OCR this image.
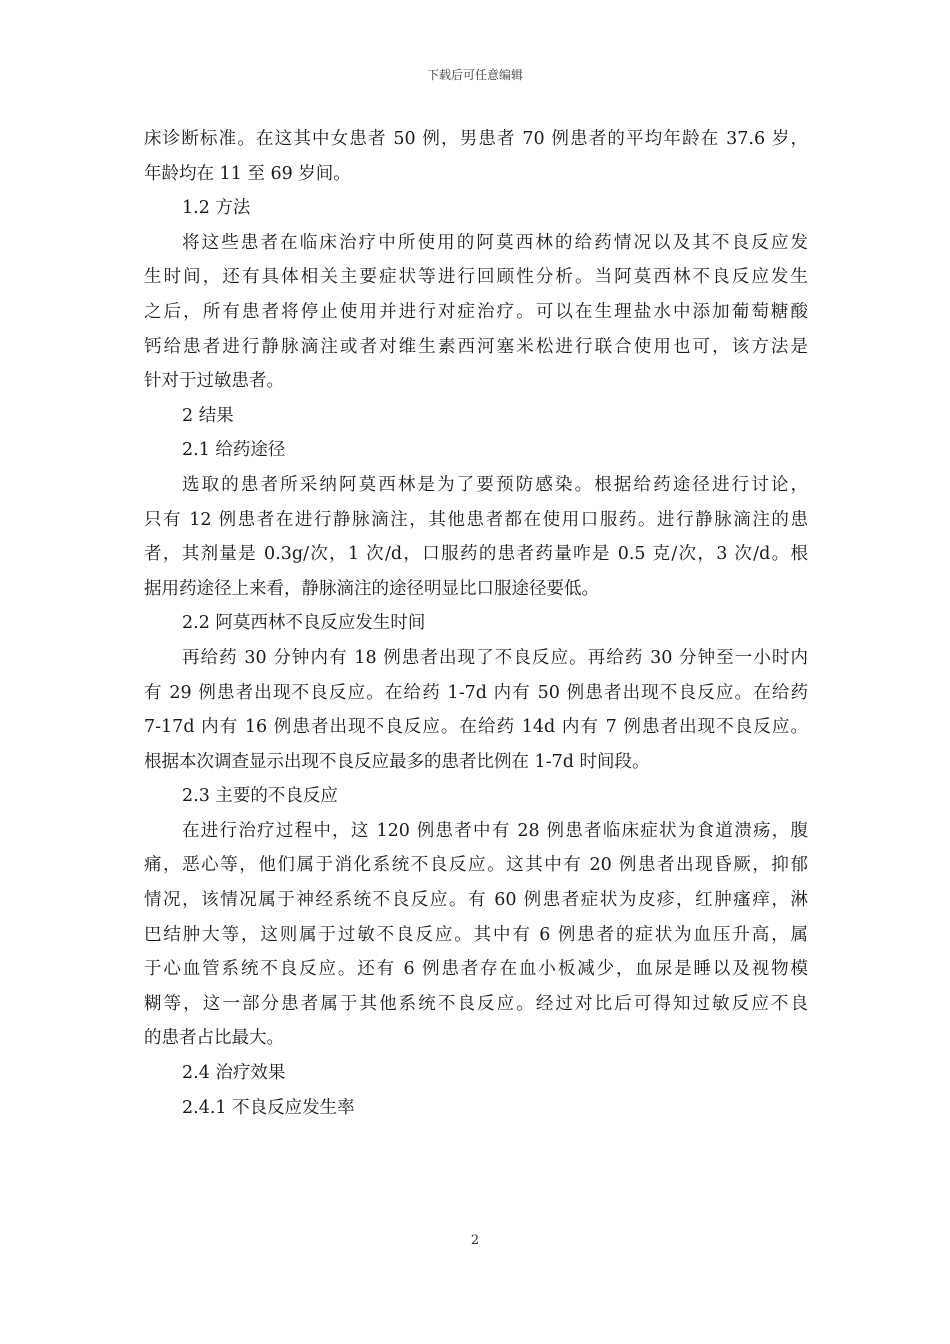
下载后可任意编辑
床诊断标准。在这其中女患者 50 例，男患者 70 例患者的平均年龄在 37.6 岁，
年龄均在 11 至 69 岁间。
1.2 方法
将这些患者在临床治疗中所使用的阿莫西林的给药情况以及其不良反应发
生时间，还有具体相关主要症状等进行回顾性分析。当阿莫西林不良反应发生
之后，所有患者将停止使用并进行对症治疗。可以在生理盐水中添加葡萄糖酸
钙给患者进行静脉滴注或者对维生素西河塞米松进行联合使用也可，该方法是
针对于过敏患者。
2 结果
2.1 给药途径
选取的患者所采纳阿莫西林是为了要预防感染。根据给药途径进行讨论，
只有 12 例患者在进行静脉滴注，其他患者都在使用口服药。进行静脉滴注的患
者，其剂量是 0.3g/次，1 次/d，口服药的患者药量咋是 0.5 克/次，3 次/d。根
据用药途径上来看，静脉滴注的途径明显比口服途径要低。
2.2 阿莫西林不良反应发生时间
再给药 30 分钟内有 18 例患者出现了不良反应。再给药 30 分钟至一小时内
有 29 例患者出现不良反应。在给药 1-7d 内有 50 例患者出现不良反应。在给药
7-17d 内有 16 例患者出现不良反应。在给药 14d 内有 7 例患者出现不良反应。
根据本次调查显示出现不良反应最多的患者比例在 1-7d 时间段。
2.3 主要的不良反应
在进行治疗过程中，这 120 例患者中有 28 例患者临床症状为食道溃疡，腹
痛，恶心等，他们属于消化系统不良反应。这其中有 20 例患者出现昏厥，抑郁
情况，该情况属于神经系统不良反应。有 60 例患者症状为皮疹，红肿瘙痒，淋
巴结肿大等，这则属于过敏不良反应。其中有 6 例患者的症状为血压升高，属
于心血管系统不良反应。还有 6 例患者存在血小板减少，血尿是睡以及视物模
糊等，这一部分患者属于其他系统不良反应。经过对比后可得知过敏反应不良
的患者占比最大。
2.4 治疗效果
2.4.1 不良反应发生率
2
